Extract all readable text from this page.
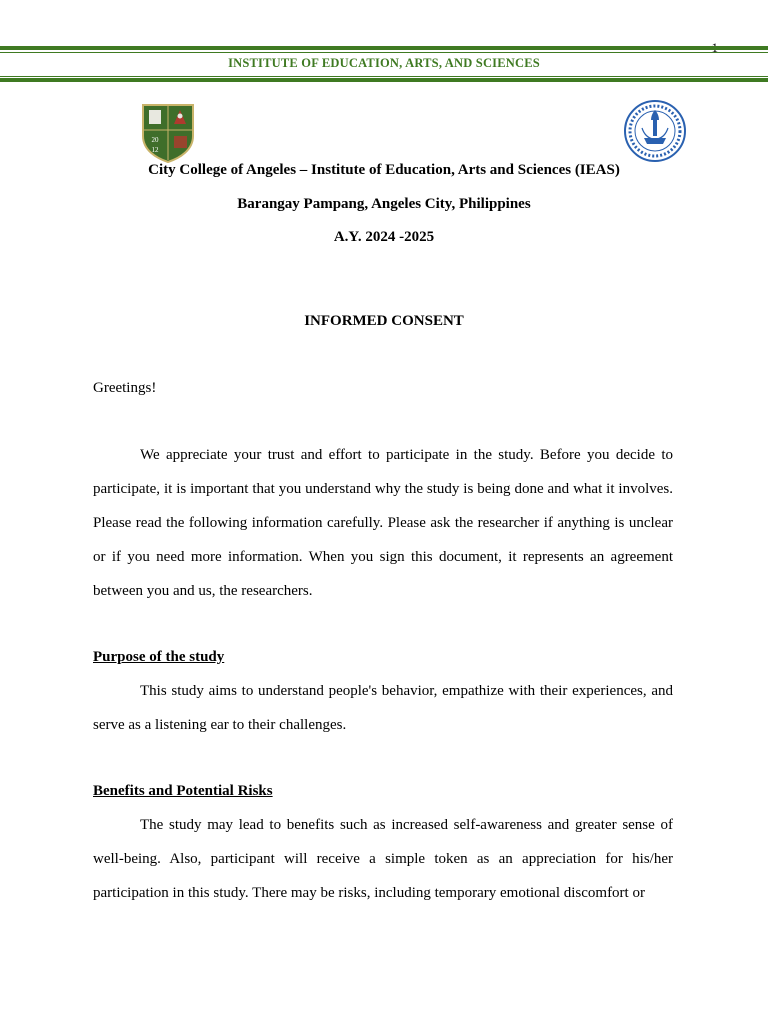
INSTITUTE OF EDUCATION, ARTS, AND SCIENCES
20
12
City College of Angeles – Institute of Education, Arts and Sciences (IEAS)
Barangay Pampang, Angeles City, Philippines
A.Y. 2024 -2025
INFORMED CONSENT
Greetings!

We appreciate your trust and effort to participate in the study. Before you decide to participate, it is important that you understand why the study is being done and what it involves. Please read the following information carefully. Please ask the researcher if anything is unclear or if you need more information. When you sign this document, it represents an agreement between you and us, the researchers.

Purpose of the study

This study aims to understand people's behavior, empathize with their experiences, and serve as a listening ear to their challenges.

Benefits and Potential Risks

The study may lead to benefits such as increased self-awareness and greater sense of well-being. Also, participant will receive a simple token as an appreciation for his/her participation in this study. There may be risks, including temporary emotional discomfort or
